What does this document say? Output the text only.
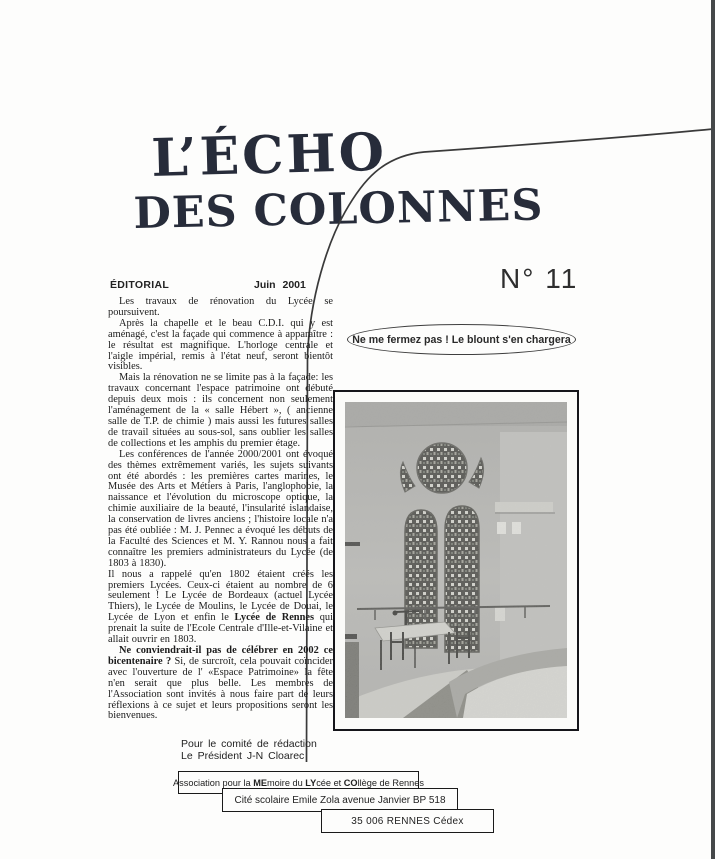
L’ÉCHO
DES COLONNES
ÉDITORIAL	Juin 2001	N° 11

Les travaux de rénovation du Lycée se poursuivent.

Après la chapelle et le beau C.D.I. qui y est aménagé, c'est la façade qui commence à apparaître : le résultat est magnifique. L'horloge centrale et l'aigle impérial, remis à l'état neuf, seront bientôt visibles.

Mais la rénovation ne se limite pas à la façade: les travaux concernant l'espace patrimoine ont débuté depuis deux mois : ils concernent non seulement l'aménagement de la « salle Hébert », ( ancienne salle de T.P. de chimie ) mais aussi les futures salles de travail situées au sous-sol, sans oublier les salles de collections et les amphis du premier étage.

Les conférences de l'année 2000/2001 ont évoqué des thèmes extrêmement variés, les sujets suivants ont été abordés : les premières cartes marines, le Musée des Arts et Métiers à Paris, l'anglophobie, la naissance et l'évolution du microscope optique, la chimie auxiliaire de la beauté, l'insularité islandaise, la conservation de livres anciens ; l'histoire locale n'a pas été oubliée : M. J. Pennec a évoqué les débuts de la Faculté des Sciences et M. Y. Rannou nous a fait connaître les premiers administrateurs du Lycée (de 1803 à 1830).

Il nous a rappelé qu'en 1802 étaient créés les premiers Lycées. Ceux-ci étaient au nombre de 6 seulement ! Le Lycée de Bordeaux (actuel Lycée Thiers), le Lycée de Moulins, le Lycée de Douai, le Lycée de Lyon et enfin le Lycée de Rennes qui prenait la suite de l'Ecole Centrale d'Ille-et-Vilaine et allait ouvrir en 1803.

Ne conviendrait-il pas de célébrer en 2002 ce bicentenaire ? Si, de surcroît, cela pouvait coïncider avec l'ouverture de l' «Espace Patrimoine» la fête n'en serait que plus belle. Les membres de l'Association sont invités à nous faire part de leurs réflexions à ce sujet et leurs propositions seront les bienvenues.

Pour le comité de rédaction
Le Président J-N Cloarec
Ne me fermez pas ! Le blount s'en chargera
Association pour la MEmoire du LYcée et COllège de Rennes
Cité scolaire Emile Zola avenue Janvier BP 518
35 006 RENNES Cédex
